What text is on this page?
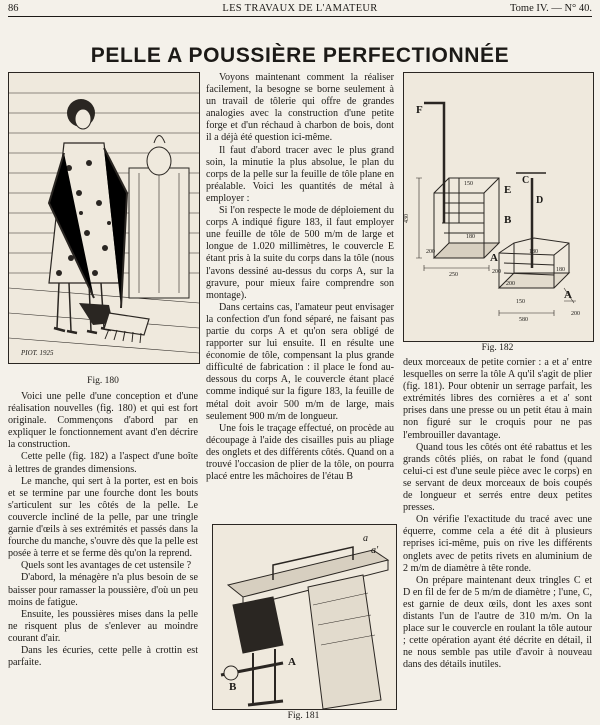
86	LES TRAVAUX DE L'AMATEUR	Tome IV. — N° 40.
PELLE A POUSSIÈRE PERFECTIONNÉE
PIOT. 1925
Fig. 180
F
E
B
A
C
D
A
430
250
200
180
150
200
580
200	180
180
150
200
Fig. 182
a
a'
B
A
Fig. 181

Voici une pelle d'une conception et d'une réalisation nouvelles (fig. 180) et qui est fort originale. Commençons d'abord par en expliquer le fonctionnement avant d'en décrire la construction.

Cette pelle (fig. 182) a l'aspect d'une boîte à lettres de grandes dimensions.

Le manche, qui sert à la porter, est en bois et se termine par une fourche dont les bouts s'articulent sur les côtés de la pelle. Le couvercle incliné de la pelle, par une tringle garnie d'œils à ses extrémités et passés dans la fourche du manche, s'ouvre dès que la pelle est posée à terre et se ferme dès qu'on la reprend.

Quels sont les avantages de cet ustensile ?

D'abord, la ménagère n'a plus besoin de se baisser pour ramasser la poussière, d'où un peu moins de fatigue.

Ensuite, les poussières mises dans la pelle ne risquent plus de s'enlever au moindre courant d'air.

Dans les écuries, cette pelle à crottin est parfaite.

Voyons maintenant comment la réaliser facilement, la besogne se borne seulement à un travail de tôlerie qui offre de grandes analogies avec la construction d'une petite forge et d'un réchaud à charbon de bois, dont il a déjà été question ici-même.

Il faut d'abord tracer avec le plus grand soin, la minutie la plus absolue, le plan du corps de la pelle sur la feuille de tôle plane en préalable. Voici les quantités de métal à employer :

Si l'on respecte le mode de déploiement du corps A indiqué figure 183, il faut employer une feuille de tôle de 500 m/m de large et longue de 1.020 millimètres, le couvercle E étant pris à la suite du corps dans la tôle (nous l'avons dessiné au-dessus du corps A, sur la gravure, pour mieux faire comprendre son montage).

Dans certains cas, l'amateur peut envisager la confection d'un fond séparé, ne faisant pas partie du corps A et qu'on sera obligé de rapporter sur lui ensuite. Il en résulte une économie de tôle, compensant la plus grande difficulté de fabrication : il place le fond au-dessous du corps A, le couvercle étant placé comme indiqué sur la figure 183, la feuille de métal doit avoir 500 m/m de large, mais seulement 900 m/m de longueur.

Une fois le traçage effectué, on procède au découpage à l'aide des cisailles puis au pliage des onglets et des différents côtés. Quand on a trouvé l'occasion de plier de la tôle, on pourra placé entre les mâchoires de l'étau B

deux morceaux de petite cornier : a et a' entre lesquelles on serre la tôle A qu'il s'agit de plier (fig. 181). Pour obtenir un serrage parfait, les extrémités libres des cornières a et a' sont prises dans une presse ou un petit étau à main non figuré sur le croquis pour ne pas l'embrouiller davantage.

Quand tous les côtés ont été rabattus et les grands côtés pliés, on rabat le fond (quand celui-ci est d'une seule pièce avec le corps) en se servant de deux morceaux de bois coupés de longueur et serrés entre deux petites presses.

On vérifie l'exactitude du tracé avec une équerre, comme cela a été dit à plusieurs reprises ici-même, puis on rive les différents onglets avec de petits rivets en aluminium de 2 m/m de diamètre à tête ronde.

On prépare maintenant deux tringles C et D en fil de fer de 5 m/m de diamètre ; l'une, C, est garnie de deux œils, dont les axes sont distants l'un de l'autre de 310 m/m. On la place sur le couvercle en roulant la tôle autour ; cette opération ayant été décrite en détail, il ne nous semble pas utile d'avoir à nouveau dans des détails inutiles.
